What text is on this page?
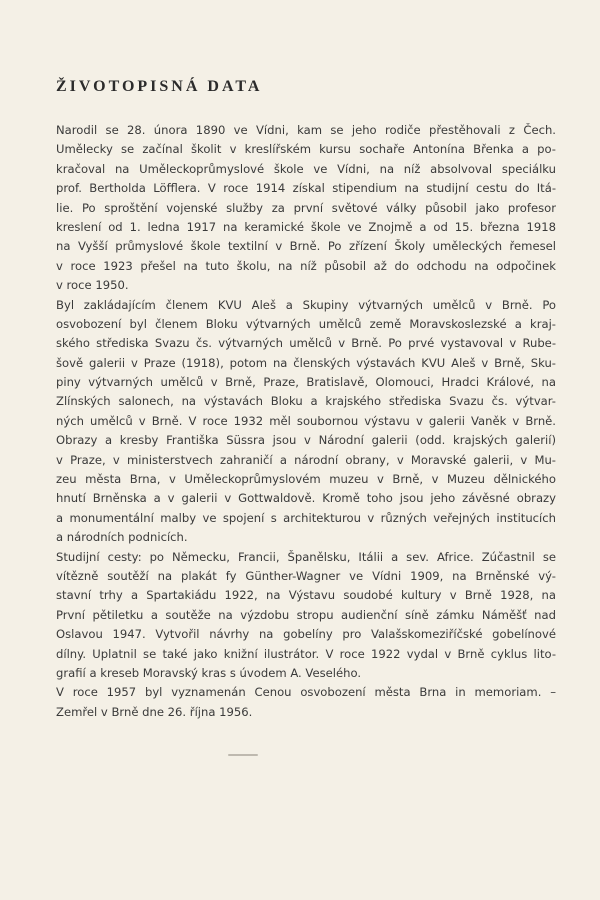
ŽIVOTOPISNÁ DATA
Narodil se 28. února 1890 ve Vídni, kam se jeho rodiče přestěhovali z Čech.
Umělecky se začínal školit v kreslířském kursu sochaře Antonína Břenka a po-
kračoval na Uměleckoprůmyslové škole ve Vídni, na níž absolvoval speciálku
prof. Bertholda Löfflera. V roce 1914 získal stipendium na studijní cestu do Itá-
lie. Po sproštění vojenské služby za první světové války působil jako profesor
kreslení od 1. ledna 1917 na keramické škole ve Znojmě a od 15. března 1918
na Vyšší průmyslové škole textilní v Brně. Po zřízení Školy uměleckých řemesel
v roce 1923 přešel na tuto školu, na níž působil až do odchodu na odpočinek
v roce 1950.
Byl zakládajícím členem KVU Aleš a Skupiny výtvarných umělců v Brně. Po
osvobození byl členem Bloku výtvarných umělců země Moravskoslezské a kraj-
ského střediska Svazu čs. výtvarných umělců v Brně. Po prvé vystavoval v Rube-
šově galerii v Praze (1918), potom na členských výstavách KVU Aleš v Brně, Sku-
piny výtvarných umělců v Brně, Praze, Bratislavě, Olomouci, Hradci Králové, na
Zlínských salonech, na výstavách Bloku a krajského střediska Svazu čs. výtvar-
ných umělců v Brně. V roce 1932 měl soubornou výstavu v galerii Vaněk v Brně.
Obrazy a kresby Františka Süssra jsou v Národní galerii (odd. krajských galerií)
v Praze, v ministerstvech zahraničí a národní obrany, v Moravské galerii, v Mu-
zeu města Brna, v Uměleckoprůmyslovém muzeu v Brně, v Muzeu dělnického
hnutí Brněnska a v galerii v Gottwaldově. Kromě toho jsou jeho závěsné obrazy
a monumentální malby ve spojení s architekturou v různých veřejných institucích
a národních podnicích.
Studijní cesty: po Německu, Francii, Španělsku, Itálii a sev. Africe. Zúčastnil se
vítězně soutěží na plakát fy Günther-Wagner ve Vídni 1909, na Brněnské vý-
stavní trhy a Spartakiádu 1922, na Výstavu soudobé kultury v Brně 1928, na
První pětiletku a soutěže na výzdobu stropu audienční síně zámku Náměšť nad
Oslavou 1947. Vytvořil návrhy na gobelíny pro Valašskomeziříčské gobelínové
dílny. Uplatnil se také jako knižní ilustrátor. V roce 1922 vydal v Brně cyklus lito-
grafií a kreseb Moravský kras s úvodem A. Veselého.
V roce 1957 byl vyznamenán Cenou osvobození města Brna in memoriam. –
Zemřel v Brně dne 26. října 1956.
